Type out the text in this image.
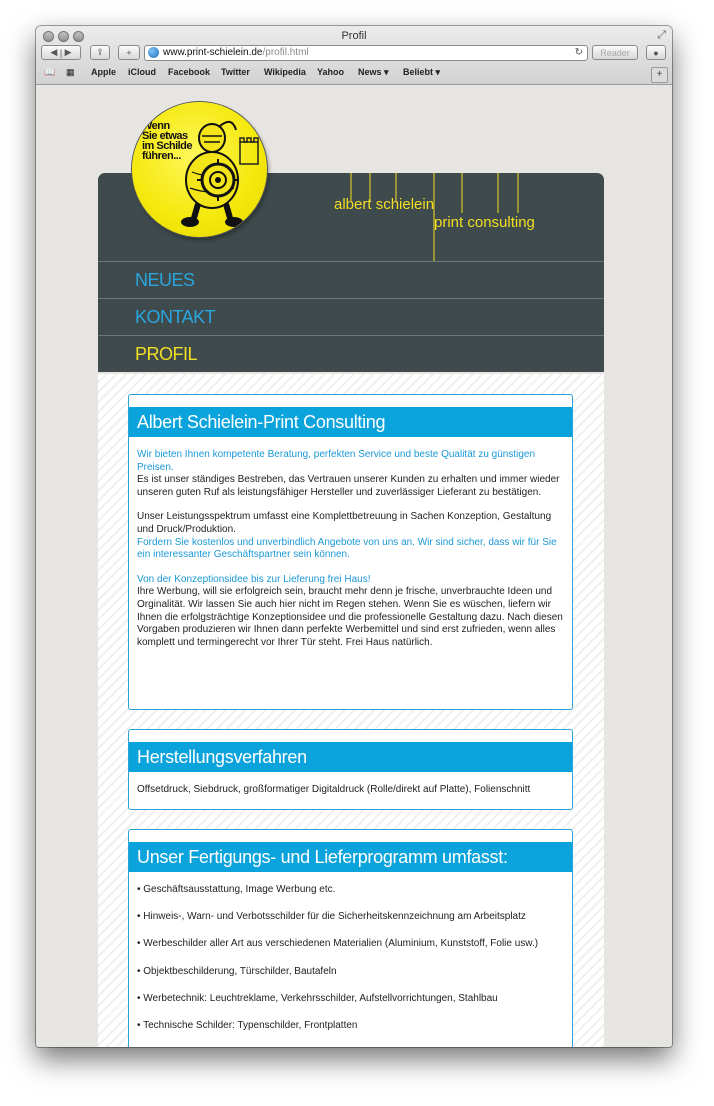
Profil	⤢
◀ | ▶	⇪	+	www.print-schielein.de/profil.html	↻	Reader	●
📖 ▦ Apple iCloud Facebook Twitter Wikipedia Yahoo News ▾ Beliebt ▾	+
Wenn
Sie etwas
im Schilde
führen...
albert schielein
print consulting
NEUES
KONTAKT
PROFIL
Albert Schielein-Print Consulting

Wir bieten Ihnen kompetente Beratung, perfekten Service und beste Qualität zu günstigen Preisen.
Es ist unser ständiges Bestreben, das Vertrauen unserer Kunden zu erhalten und immer wieder unseren guten Ruf als leistungsfähiger Hersteller und zuverlässiger Lieferant zu bestätigen.

Unser Leistungsspektrum umfasst eine Komplettbetreuung in Sachen Konzeption, Gestaltung und Druck/Produktion.
Fordern Sie kostenlos und unverbindlich Angebote von uns an. Wir sind sicher, dass wir für Sie ein interessanter Geschäftspartner sein können.

Von der Konzeptionsidee bis zur Lieferung frei Haus!
Ihre Werbung, will sie erfolgreich sein, braucht mehr denn je frische, unverbrauchte Ideen und Orginalität. Wir lassen Sie auch hier nicht im Regen stehen. Wenn Sie es wüschen, liefern wir Ihnen die erfolgsträchtige Konzeptionsidee und die professionelle Gestaltung dazu. Nach diesen Vorgaben produzieren wir Ihnen dann perfekte Werbemittel und sind erst zufrieden, wenn alles komplett und termingerecht vor Ihrer Tür steht. Frei Haus natürlich.

Herstellungsverfahren
Offsetdruck, Siebdruck, großformatiger Digitaldruck (Rolle/direkt auf Platte), Folienschnitt
Unser Fertigungs- und Lieferprogramm umfasst:
• Geschäftsausstattung, Image Werbung etc.
• Hinweis-, Warn- und Verbotsschilder für die Sicherheitskennzeichnung am Arbeitsplatz
• Werbeschilder aller Art aus verschiedenen Materialien (Aluminium, Kunststoff, Folie usw.)
• Objektbeschilderung, Türschilder, Bautafeln
• Werbetechnik: Leuchtreklame, Verkehrsschilder, Aufstellvorrichtungen, Stahlbau
• Technische Schilder: Typenschilder, Frontplatten
